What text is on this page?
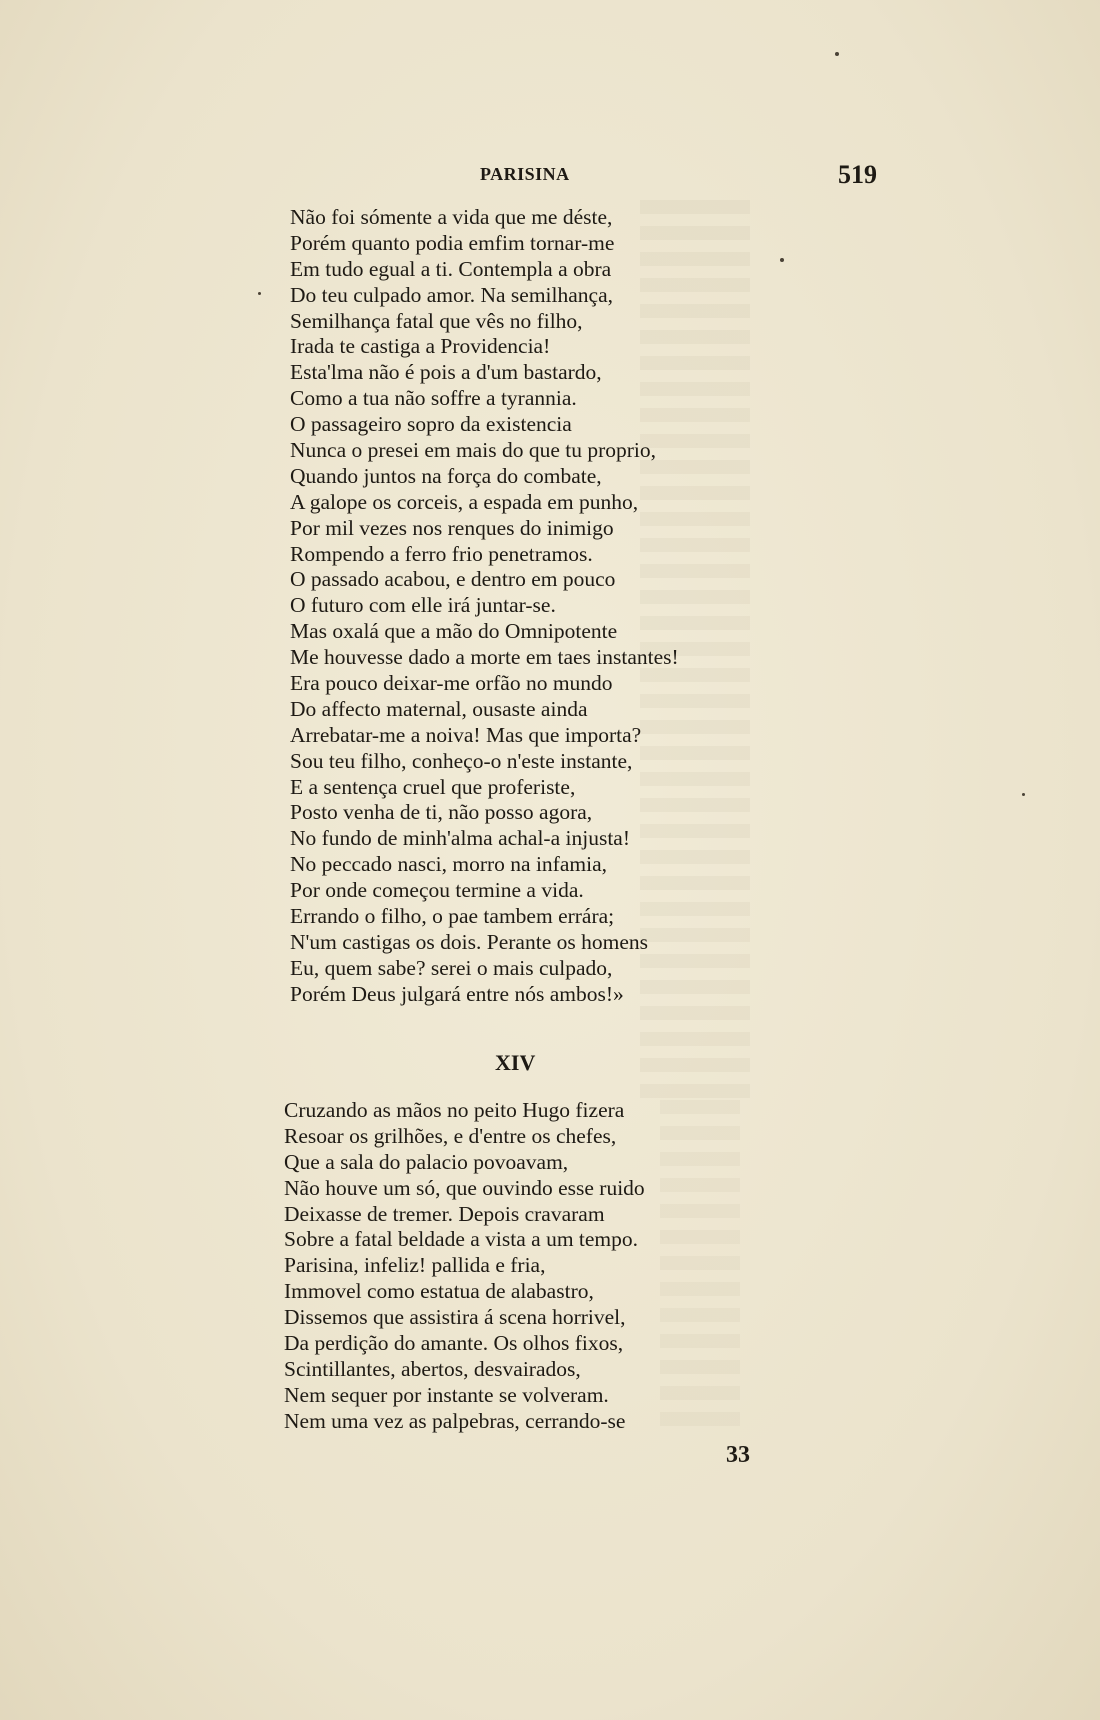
PARISINA	519
Não foi sómente a vida que me déste,
Porém quanto podia emfim tornar-me
Em tudo egual a ti. Contempla a obra
Do teu culpado amor. Na semilhança,
Semilhança fatal que vês no filho,
Irada te castiga a Providencia!
Esta'lma não é pois a d'um bastardo,
Como a tua não soffre a tyrannia.
O passageiro sopro da existencia
Nunca o presei em mais do que tu proprio,
Quando juntos na força do combate,
A galope os corceis, a espada em punho,
Por mil vezes nos renques do inimigo
Rompendo a ferro frio penetramos.
O passado acabou, e dentro em pouco
O futuro com elle irá juntar-se.
Mas oxalá que a mão do Omnipotente
Me houvesse dado a morte em taes instantes!
Era pouco deixar-me orfão no mundo
Do affecto maternal, ousaste ainda
Arrebatar-me a noiva! Mas que importa?
Sou teu filho, conheço-o n'este instante,
E a sentença cruel que proferiste,
Posto venha de ti, não posso agora,
No fundo de minh'alma achal-a injusta!
No peccado nasci, morro na infamia,
Por onde começou termine a vida.
Errando o filho, o pae tambem errára;
N'um castigas os dois. Perante os homens
Eu, quem sabe? serei o mais culpado,
Porém Deus julgará entre nós ambos!»
XIV
Cruzando as mãos no peito Hugo fizera
Resoar os grilhões, e d'entre os chefes,
Que a sala do palacio povoavam,
Não houve um só, que ouvindo esse ruido
Deixasse de tremer. Depois cravaram
Sobre a fatal beldade a vista a um tempo.
Parisina, infeliz! pallida e fria,
Immovel como estatua de alabastro,
Dissemos que assistira á scena horrivel,
Da perdição do amante. Os olhos fixos,
Scintillantes, abertos, desvairados,
Nem sequer por instante se volveram.
Nem uma vez as palpebras, cerrando-se
33
